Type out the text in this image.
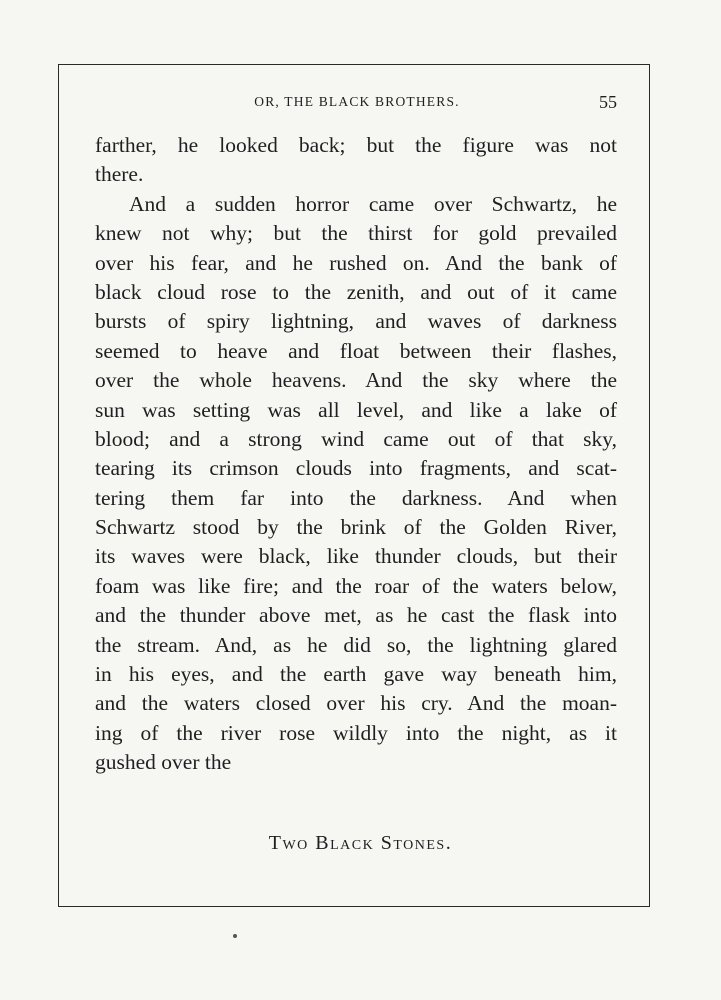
OR, THE BLACK BROTHERS.	55
farther, he looked back; but the figure was not
there.
And a sudden horror came over Schwartz, he
knew not why; but the thirst for gold prevailed
over his fear, and he rushed on. And the bank of
black cloud rose to the zenith, and out of it came
bursts of spiry lightning, and waves of darkness
seemed to heave and float between their flashes,
over the whole heavens. And the sky where the
sun was setting was all level, and like a lake of
blood; and a strong wind came out of that sky,
tearing its crimson clouds into fragments, and scat-
tering them far into the darkness. And when
Schwartz stood by the brink of the Golden River,
its waves were black, like thunder clouds, but their
foam was like fire; and the roar of the waters below,
and the thunder above met, as he cast the flask into
the stream. And, as he did so, the lightning glared
in his eyes, and the earth gave way beneath him,
and the waters closed over his cry. And the moan-
ing of the river rose wildly into the night, as it
gushed over the
Two Black Stones.
